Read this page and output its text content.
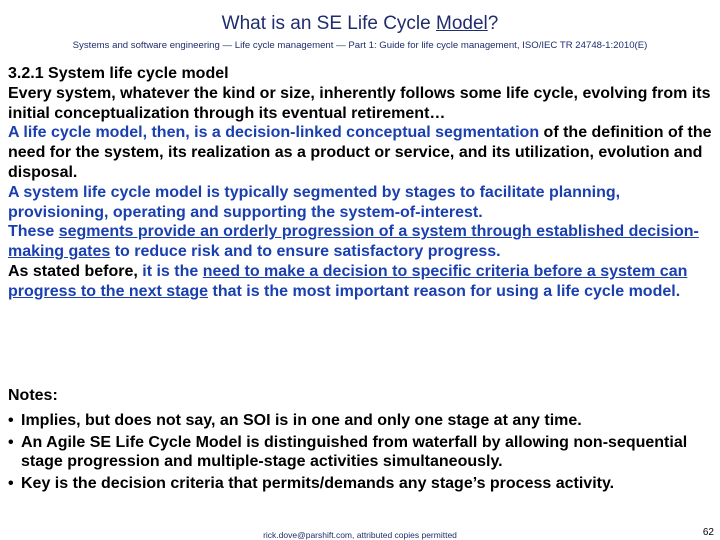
What is an SE Life Cycle Model?
Systems and software engineering — Life cycle management — Part 1: Guide for life cycle management, ISO/IEC TR 24748-1:2010(E)

3.2.1 System life cycle model

Every system, whatever the kind or size, inherently follows some life cycle, evolving from its initial conceptualization through its eventual retirement…

A life cycle model, then, is a decision-linked conceptual segmentation of the definition of the need for the system, its realization as a product or service, and its utilization, evolution and disposal.

A system life cycle model is typically segmented by stages to facilitate planning, provisioning, operating and supporting the system-of-interest.

These segments provide an orderly progression of a system through established decision-making gates to reduce risk and to ensure satisfactory progress.

As stated before, it is the need to make a decision to specific criteria before a system can progress to the next stage that is the most important reason for using a life cycle model.

Notes:

• Implies, but does not say, an SOI is in one and only one stage at any time.
• An Agile SE Life Cycle Model is distinguished from waterfall by allowing non-sequential stage progression and multiple-stage activities simultaneously.
• Key is the decision criteria that permits/demands any stage’s process activity.
rick.dove@parshift.com, attributed copies permitted	62
